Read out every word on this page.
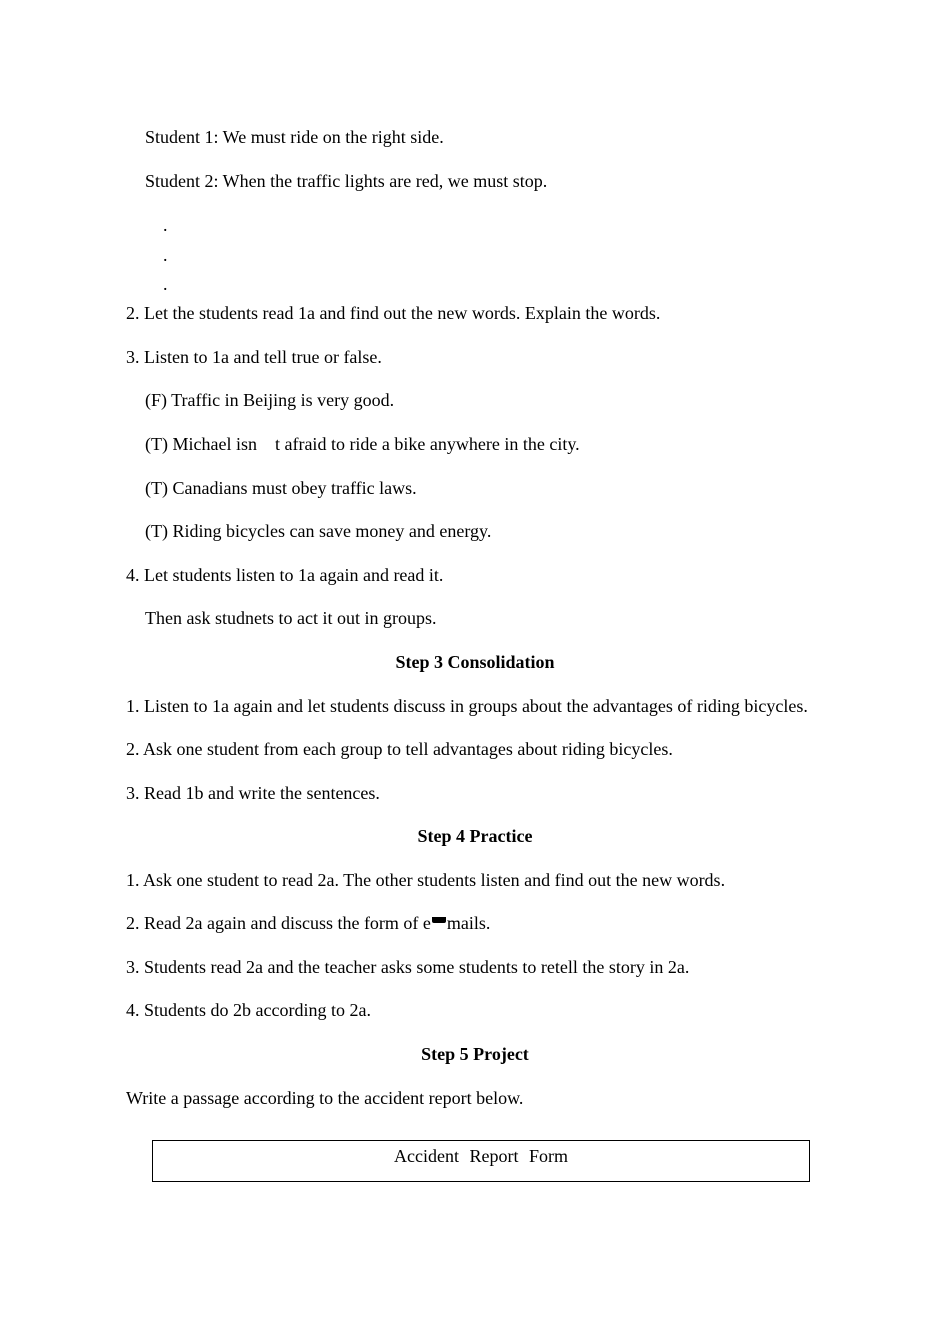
Student 1: We must ride on the right side.
Student 2: When the traffic lights are red, we must stop.
.
.
.
2. Let the students read 1a and find out the new words. Explain the words.
3. Listen to 1a and tell true or false.
(F) Traffic in Beijing is very good.
(T) Michael isn t afraid to ride a bike anywhere in the city.
(T) Canadians must obey traffic laws.
(T) Riding bicycles can save money and energy.
4. Let students listen to 1a again and read it.
Then ask studnets to act it out in groups.
Step 3 Consolidation
1. Listen to 1a again and let students discuss in groups about the advantages of riding bicycles.
2. Ask one student from each group to tell advantages about riding bicycles.
3. Read 1b and write the sentences.
Step 4 Practice
1. Ask one student to read 2a. The other students listen and find out the new words.
2. Read 2a again and discuss the form of e mails.
3. Students read 2a and the teacher asks some students to retell the story in 2a.
4. Students do 2b according to 2a.
Step 5 Project
Write a passage according to the accident report below.
Accident Report Form
